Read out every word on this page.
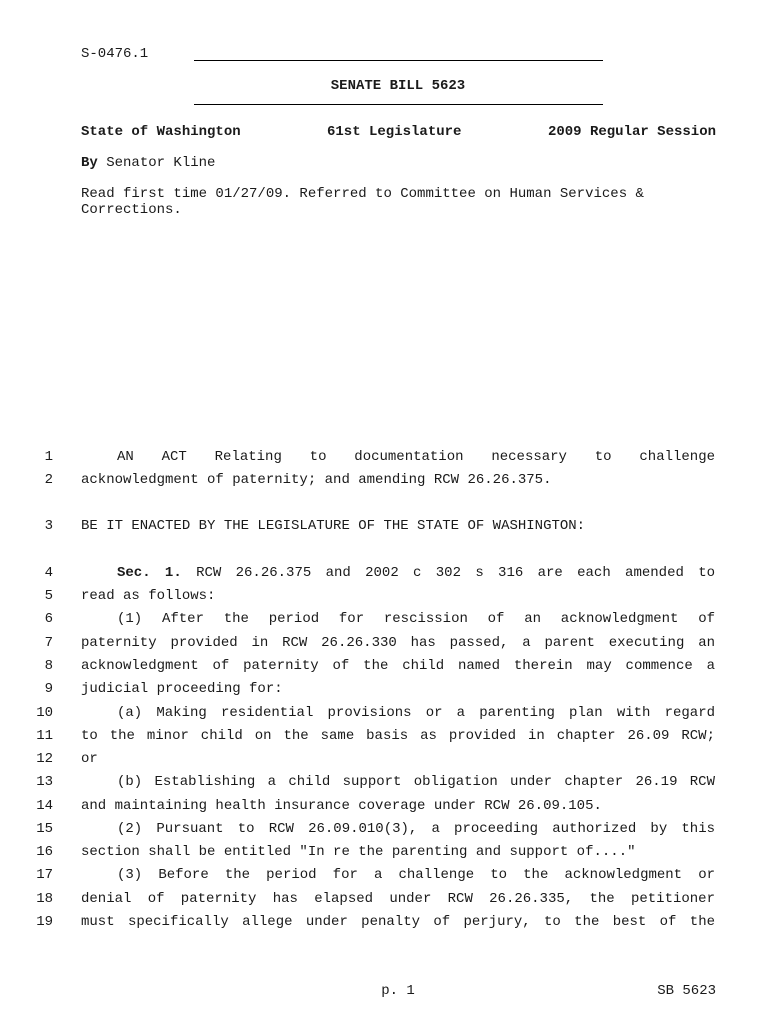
S-0476.1
SENATE BILL 5623
State of Washington	61st Legislature	2009 Regular Session
By Senator Kline
Read first time 01/27/09. Referred to Committee on Human Services &
Corrections.
1	AN ACT Relating to documentation necessary to challenge
2 acknowledgment of paternity; and amending RCW 26.26.375.
3 BE IT ENACTED BY THE LEGISLATURE OF THE STATE OF WASHINGTON:
4	Sec. 1. RCW 26.26.375 and 2002 c 302 s 316 are each amended to
5 read as follows:
6	(1) After the period for rescission of an acknowledgment of
7 paternity provided in RCW 26.26.330 has passed, a parent executing an
8 acknowledgment of paternity of the child named therein may commence a
9 judicial proceeding for:
10	(a) Making residential provisions or a parenting plan with regard
11 to the minor child on the same basis as provided in chapter 26.09 RCW;
12 or
13	(b) Establishing a child support obligation under chapter 26.19 RCW
14 and maintaining health insurance coverage under RCW 26.09.105.
15	(2) Pursuant to RCW 26.09.010(3), a proceeding authorized by this
16 section shall be entitled "In re the parenting and support of...."
17	(3) Before the period for a challenge to the acknowledgment or
18 denial of paternity has elapsed under RCW 26.26.335, the petitioner
19 must specifically allege under penalty of perjury, to the best of the
p. 1	SB 5623
